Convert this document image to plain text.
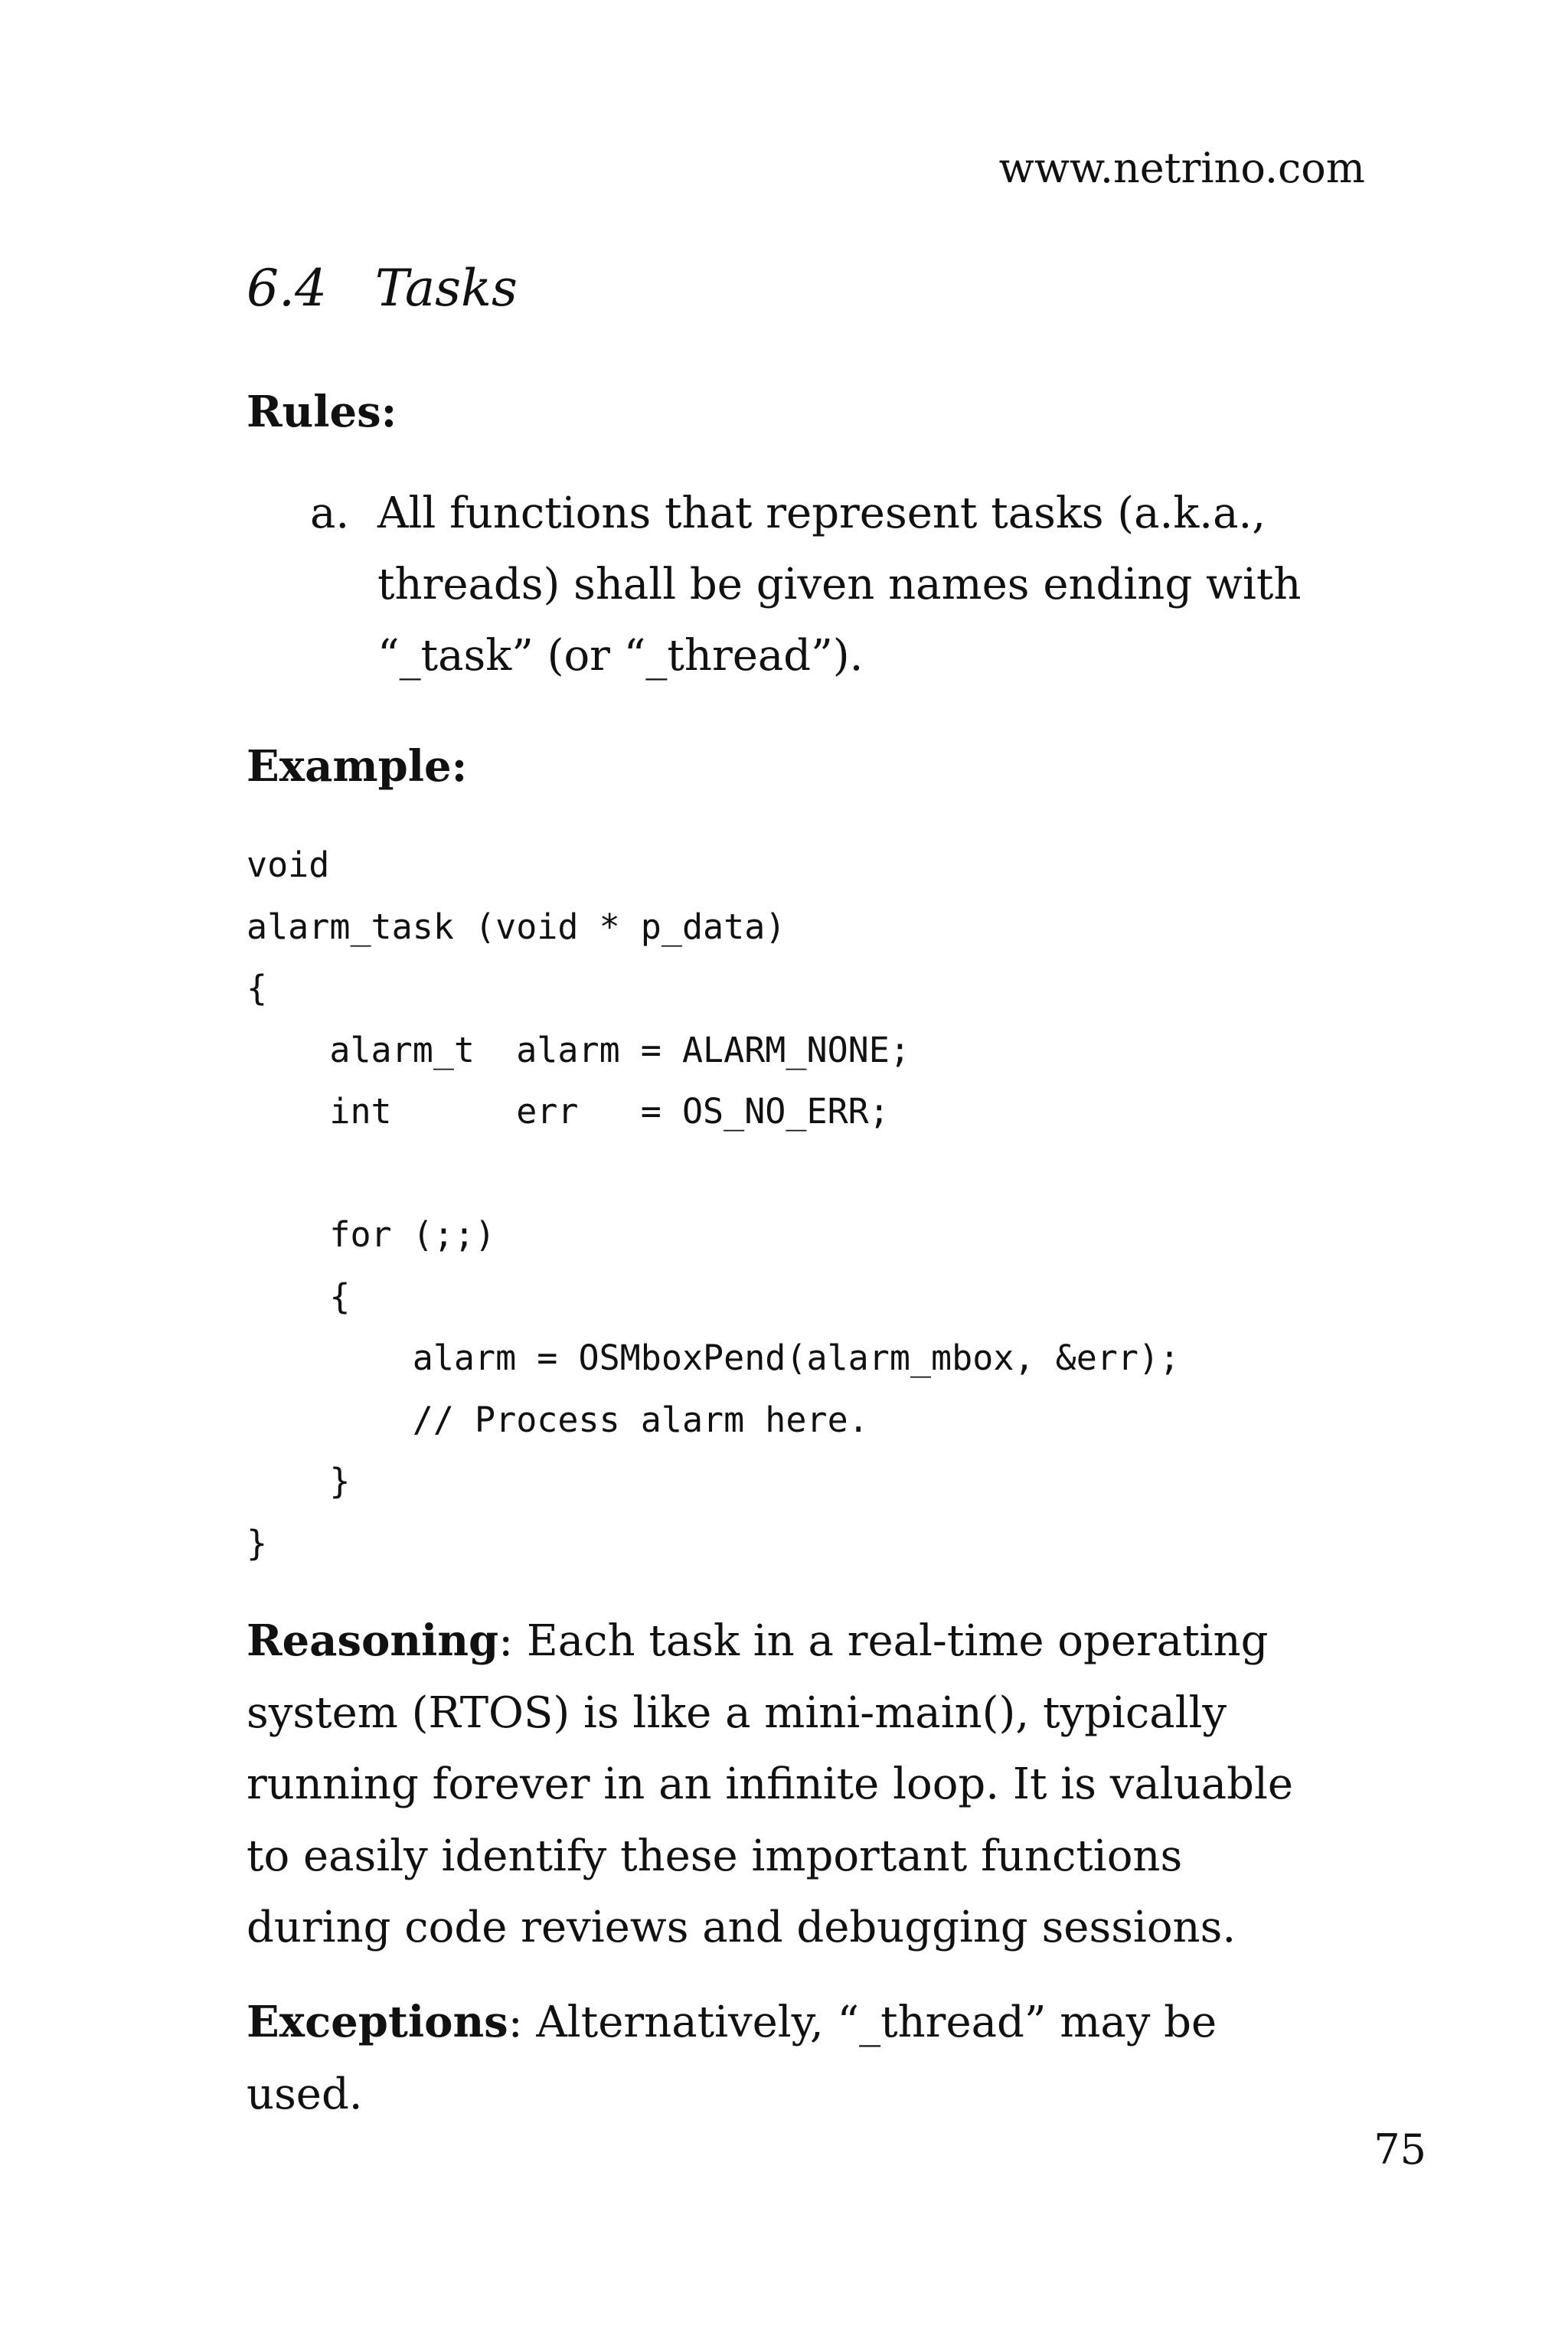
www.netrino.com
6.4 Tasks
Rules:
a. All functions that represent tasks (a.k.a., threads) shall be given names ending with “_task” (or “_thread”).
Example:
void
alarm_task (void * p_data)
{
alarm_t  alarm = ALARM_NONE;
int      err   = OS_NO_ERR;
for (;;)
{
alarm = OSMboxPend(alarm_mbox, &err);
// Process alarm here.
}
}
Reasoning: Each task in a real-time operating system (RTOS) is like a mini-main(), typically running forever in an infinite loop. It is valuable to easily identify these important functions during code reviews and debugging sessions.
Exceptions: Alternatively, “_thread” may be used.
75
